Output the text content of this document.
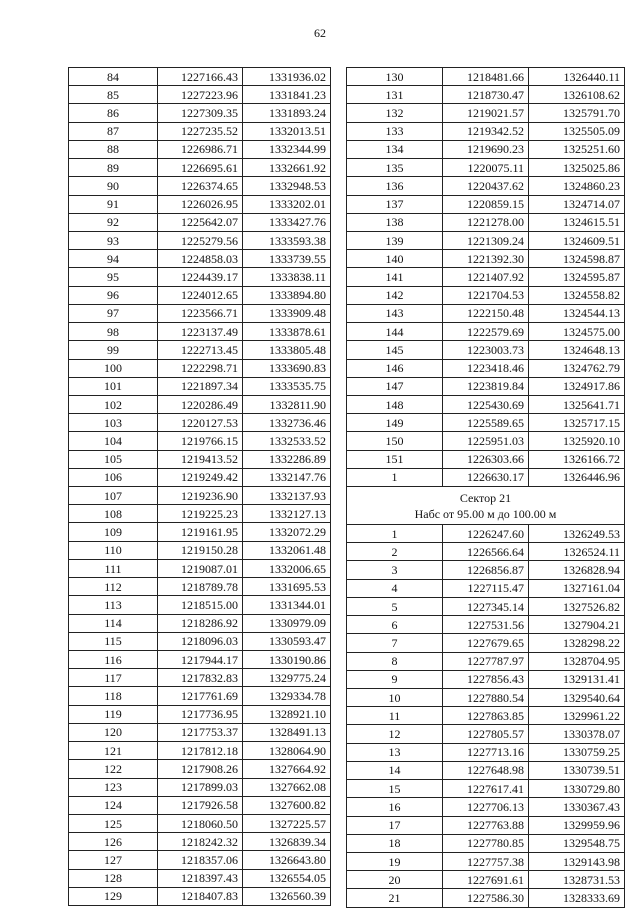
62
84	1227166.43	1331936.02
85	1227223.96	1331841.23
86	1227309.35	1331893.24
87	1227235.52	1332013.51
88	1226986.71	1332344.99
89	1226695.61	1332661.92
90	1226374.65	1332948.53
91	1226026.95	1333202.01
92	1225642.07	1333427.76
93	1225279.56	1333593.38
94	1224858.03	1333739.55
95	1224439.17	1333838.11
96	1224012.65	1333894.80
97	1223566.71	1333909.48
98	1223137.49	1333878.61
99	1222713.45	1333805.48
100	1222298.71	1333690.83
101	1221897.34	1333535.75
102	1220286.49	1332811.90
103	1220127.53	1332736.46
104	1219766.15	1332533.52
105	1219413.52	1332286.89
106	1219249.42	1332147.76
107	1219236.90	1332137.93
108	1219225.23	1332127.13
109	1219161.95	1332072.29
110	1219150.28	1332061.48
111	1219087.01	1332006.65
112	1218789.78	1331695.53
113	1218515.00	1331344.01
114	1218286.92	1330979.09
115	1218096.03	1330593.47
116	1217944.17	1330190.86
117	1217832.83	1329775.24
118	1217761.69	1329334.78
119	1217736.95	1328921.10
120	1217753.37	1328491.13
121	1217812.18	1328064.90
122	1217908.26	1327664.92
123	1217899.03	1327662.08
124	1217926.58	1327600.82
125	1218060.50	1327225.57
126	1218242.32	1326839.34
127	1218357.06	1326643.80
128	1218397.43	1326554.05
129	1218407.83	1326560.39
130	1218481.66	1326440.11
131	1218730.47	1326108.62
132	1219021.57	1325791.70
133	1219342.52	1325505.09
134	1219690.23	1325251.60
135	1220075.11	1325025.86
136	1220437.62	1324860.23
137	1220859.15	1324714.07
138	1221278.00	1324615.51
139	1221309.24	1324609.51
140	1221392.30	1324598.87
141	1221407.92	1324595.87
142	1221704.53	1324558.82
143	1222150.48	1324544.13
144	1222579.69	1324575.00
145	1223003.73	1324648.13
146	1223418.46	1324762.79
147	1223819.84	1324917.86
148	1225430.69	1325641.71
149	1225589.65	1325717.15
150	1225951.03	1325920.10
151	1226303.66	1326166.72
1	1226630.17	1326446.96

Сектор 21
Набс от 95.00 м до 100.00 м		

1	1226247.60	1326249.53
2	1226566.64	1326524.11
3	1226856.87	1326828.94
4	1227115.47	1327161.04
5	1227345.14	1327526.82
6	1227531.56	1327904.21
7	1227679.65	1328298.22
8	1227787.97	1328704.95
9	1227856.43	1329131.41
10	1227880.54	1329540.64
11	1227863.85	1329961.22
12	1227805.57	1330378.07
13	1227713.16	1330759.25
14	1227648.98	1330739.51
15	1227617.41	1330729.80
16	1227706.13	1330367.43
17	1227763.88	1329959.96
18	1227780.85	1329548.75
19	1227757.38	1329143.98
20	1227691.61	1328731.53
21	1227586.30	1328333.69
